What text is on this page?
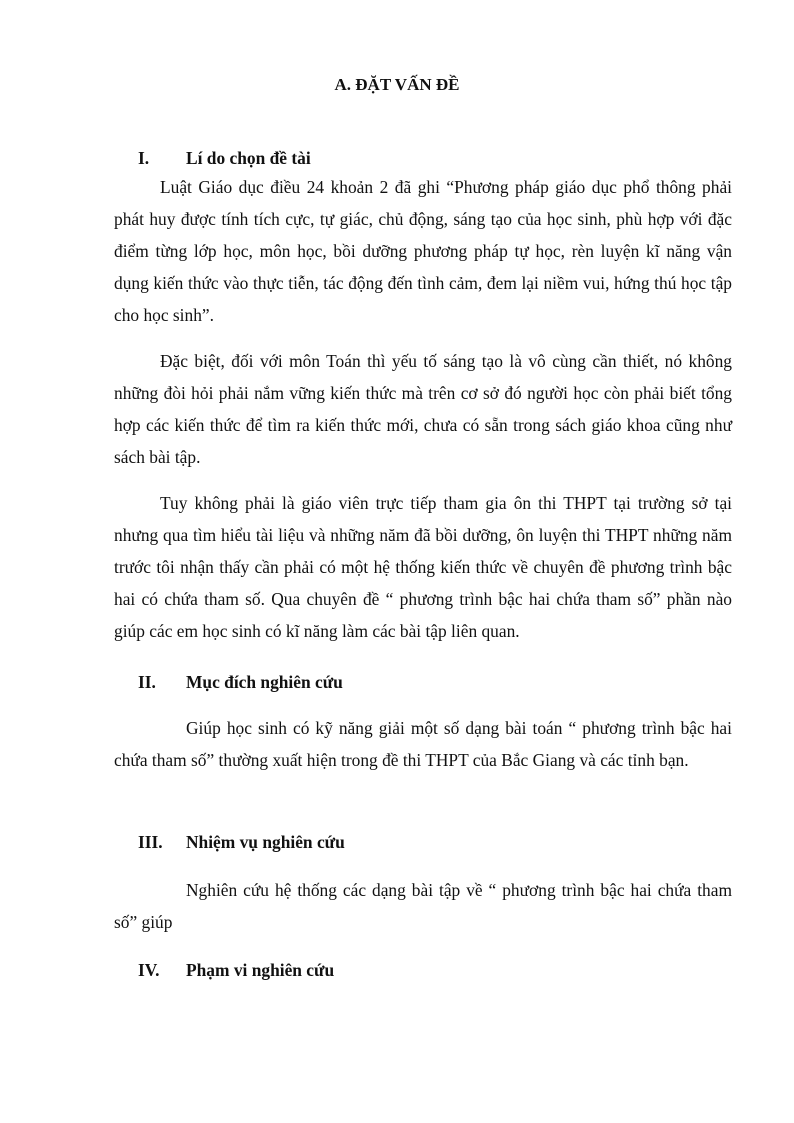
A. ĐẶT VẤN ĐỀ
I. Lí do chọn đề tài

Luật Giáo dục điều 24 khoản 2 đã ghi “Phương pháp giáo dục phổ thông phải phát huy được tính tích cực, tự giác, chủ động, sáng tạo của học sinh, phù hợp với đặc điểm từng lớp học, môn học, bồi dưỡng phương pháp tự học, rèn luyện kĩ năng vận dụng kiến thức vào thực tiễn, tác động đến tình cảm, đem lại niềm vui, hứng thú học tập cho học sinh”.

Đặc biệt, đối với môn Toán thì yếu tố sáng tạo là vô cùng cần thiết, nó không những đòi hỏi phải nắm vững kiến thức mà trên cơ sở đó người học còn phải biết tổng hợp các kiến thức để tìm ra kiến thức mới, chưa có sẵn trong sách giáo khoa cũng như sách bài tập.

Tuy không phải là giáo viên trực tiếp tham gia ôn thi THPT tại trường sở tại nhưng qua tìm hiểu tài liệu và những năm đã bồi dưỡng, ôn luyện thi THPT những năm trước tôi nhận thấy cần phải có một hệ thống kiến thức về chuyên đề phương trình bậc hai có chứa tham số. Qua chuyên đề “ phương trình bậc hai chứa tham số” phần nào giúp các em học sinh có kĩ năng làm các bài tập liên quan.

II. Mục đích nghiên cứu

Giúp học sinh có kỹ năng giải một số dạng bài toán “ phương trình bậc hai chứa tham số” thường xuất hiện trong đề thi THPT của Bắc Giang và các tỉnh bạn.

III. Nhiệm vụ nghiên cứu

Nghiên cứu hệ thống các dạng bài tập về “ phương trình bậc hai chứa tham số” giúp

IV. Phạm vi nghiên cứu
